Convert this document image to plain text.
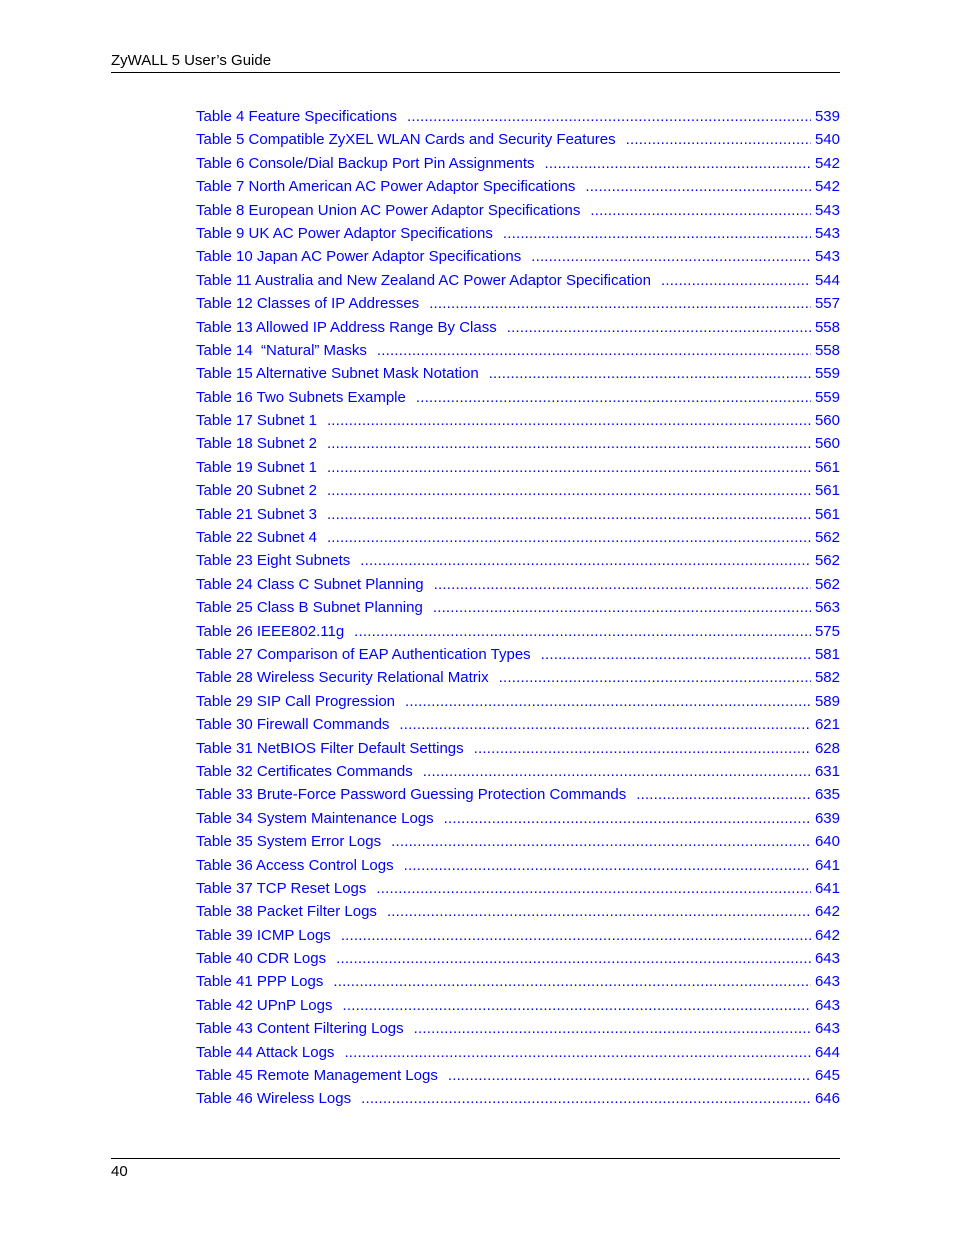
ZyWALL 5 User’s Guide
Table 4 Feature Specifications .....	539
Table 5 Compatible ZyXEL WLAN Cards and Security Features .....	540
Table 6 Console/Dial Backup Port Pin Assignments .....	542
Table 7 North American AC Power Adaptor Specifications .....	542
Table 8 European Union AC Power Adaptor Specifications .....	543
Table 9 UK AC Power Adaptor Specifications .....	543
Table 10 Japan AC Power Adaptor Specifications .....	543
Table 11 Australia and New Zealand AC Power Adaptor Specification .....	544
Table 12 Classes of IP Addresses .....	557
Table 13 Allowed IP Address Range By Class .....	558
Table 14  “Natural” Masks .....	558
Table 15 Alternative Subnet Mask Notation .....	559
Table 16 Two Subnets Example .....	559
Table 17 Subnet 1 .....	560
Table 18 Subnet 2 .....	560
Table 19 Subnet 1 .....	561
Table 20 Subnet 2 .....	561
Table 21 Subnet 3 .....	561
Table 22 Subnet 4 .....	562
Table 23 Eight Subnets .....	562
Table 24 Class C Subnet Planning .....	562
Table 25 Class B Subnet Planning .....	563
Table 26 IEEE802.11g .....	575
Table 27 Comparison of EAP Authentication Types .....	581
Table 28 Wireless Security Relational Matrix .....	582
Table 29 SIP Call Progression .....	589
Table 30 Firewall Commands .....	621
Table 31 NetBIOS Filter Default Settings .....	628
Table 32 Certificates Commands .....	631
Table 33 Brute-Force Password Guessing Protection Commands .....	635
Table 34 System Maintenance Logs .....	639
Table 35 System Error Logs .....	640
Table 36 Access Control Logs .....	641
Table 37 TCP Reset Logs .....	641
Table 38 Packet Filter Logs .....	642
Table 39 ICMP Logs .....	642
Table 40 CDR Logs .....	643
Table 41 PPP Logs .....	643
Table 42 UPnP Logs .....	643
Table 43 Content Filtering Logs .....	643
Table 44 Attack Logs .....	644
Table 45 Remote Management Logs .....	645
Table 46 Wireless Logs .....	646
40
